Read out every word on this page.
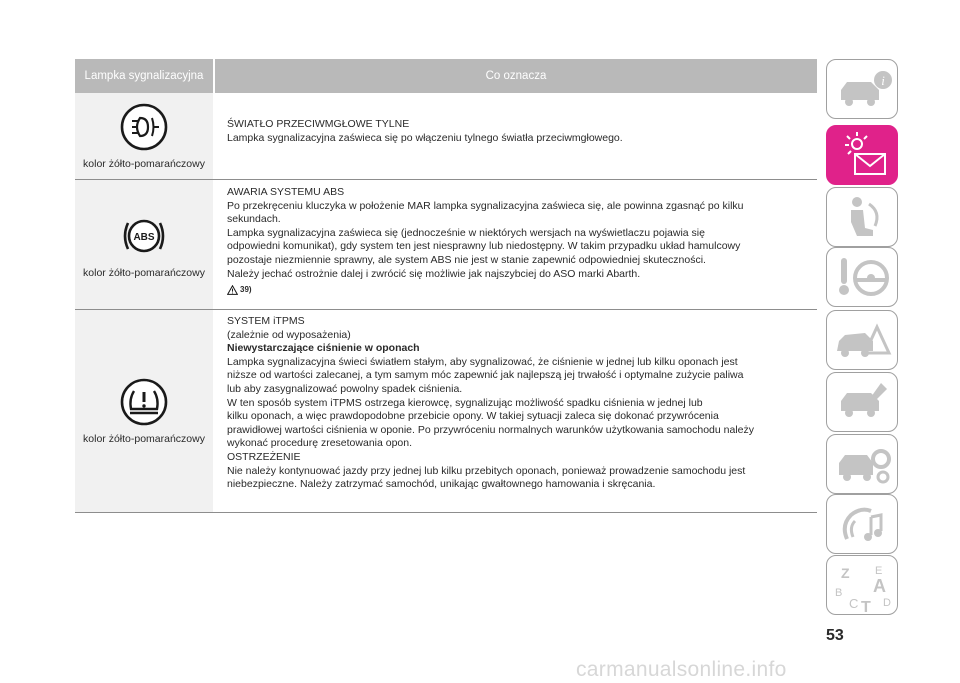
Lampka sygnalizacyjna	Co oznacza
kolor żółto-pomarańczowy
ŚWIATŁO PRZECIWMGŁOWE TYLNE
Lampka sygnalizacyjna zaświeca się po włączeniu tylnego światła przeciwmgłowego.
ABS
kolor żółto-pomarańczowy
AWARIA SYSTEMU ABS
Po przekręceniu kluczyka w położenie MAR lampka sygnalizacyjna zaświeca się, ale powinna zgasnąć po kilku
sekundach.
Lampka sygnalizacyjna zaświeca się (jednocześnie w niektórych wersjach na wyświetlaczu pojawia się
odpowiedni komunikat), gdy system ten jest niesprawny lub niedostępny. W takim przypadku układ hamulcowy
pozostaje niezmiennie sprawny, ale system ABS nie jest w stanie zapewnić odpowiedniej skuteczności.
Należy jechać ostrożnie dalej i zwrócić się możliwie jak najszybciej do ASO marki Abarth.
39)
kolor żółto-pomarańczowy
SYSTEM iTPMS
(zależnie od wyposażenia)
Niewystarczające ciśnienie w oponach
Lampka sygnalizacyjna świeci światłem stałym, aby sygnalizować, że ciśnienie w jednej lub kilku oponach jest
niższe od wartości zalecanej, a tym samym móc zapewnić jak najlepszą jej trwałość i optymalne zużycie paliwa
lub aby zasygnalizować powolny spadek ciśnienia.
W ten sposób system iTPMS ostrzega kierowcę, sygnalizując możliwość spadku ciśnienia w jednej lub
kilku oponach, a więc prawdopodobne przebicie opony. W takiej sytuacji zaleca się dokonać przywrócenia
prawidłowej wartości ciśnienia w oponie. Po przywróceniu normalnych warunków użytkowania samochodu należy
wykonać procedurę zresetowania opon.
OSTRZEŻENIE
Nie należy kontynuować jazdy przy jednej lub kilku przebitych oponach, ponieważ prowadzenie samochodu jest
niebezpieczne. Należy zatrzymać samochód, unikając gwałtownego hamowania i skręcania.
i
Z E
A
B
C T D
53
carmanualsonline.info
